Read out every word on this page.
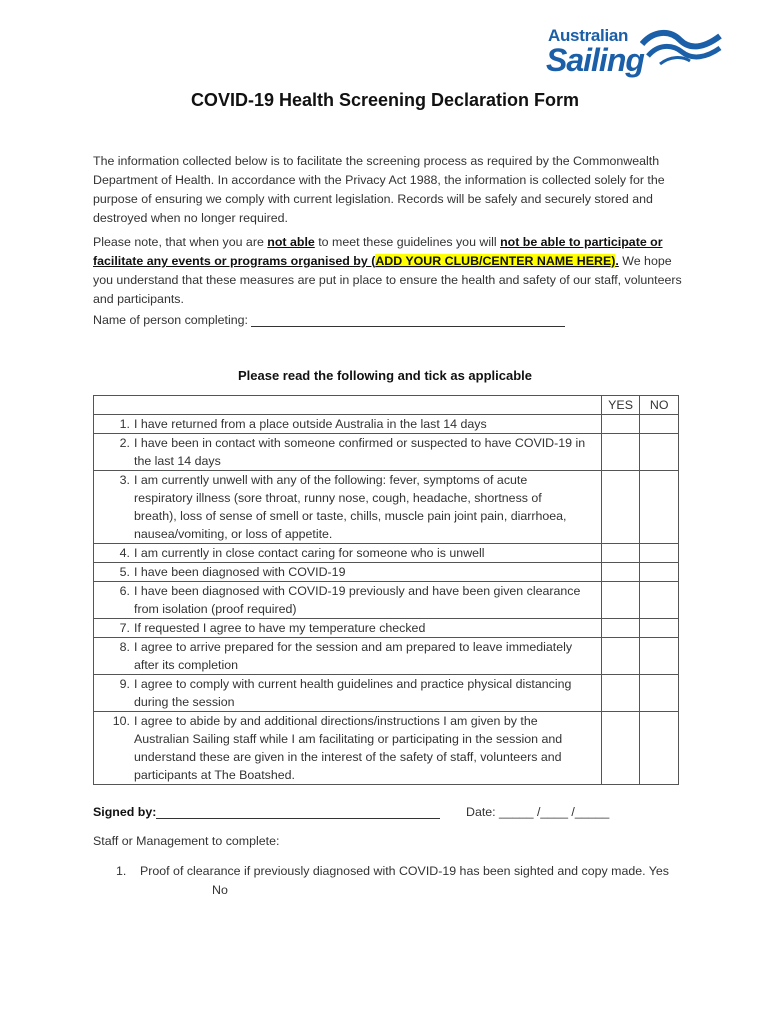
Australian
Sailing
COVID-19 Health Screening Declaration Form

The information collected below is to facilitate the screening process as required by the Commonwealth Department of Health. In accordance with the Privacy Act 1988, the information is collected solely for the purpose of ensuring we comply with current legislation. Records will be safely and securely stored and destroyed when no longer required.

Please note, that when you are not able to meet these guidelines you will not be able to participate or facilitate any events or programs organised by (ADD YOUR CLUB/CENTER NAME HERE). We hope you understand that these measures are put in place to ensure the health and safety of our staff, volunteers and participants.

Name of person completing:
Please read the following and tick as applicable
	YES	NO
1. I have returned from a place outside Australia in the last 14 days		
2. I have been in contact with someone confirmed or suspected to have COVID-19 in the last 14 days		
3. I am currently unwell with any of the following: fever, symptoms of acute respiratory illness (sore throat, runny nose, cough, headache, shortness of breath), loss of sense of smell or taste, chills, muscle pain joint pain, diarrhoea, nausea/vomiting, or loss of appetite.		
4. I am currently in close contact caring for someone who is unwell		
5. I have been diagnosed with COVID-19		
6. I have been diagnosed with COVID-19 previously and have been given clearance from isolation (proof required)		
7. If requested I agree to have my temperature checked		
8. I agree to arrive prepared for the session and am prepared to leave immediately after its completion		
9. I agree to comply with current health guidelines and practice physical distancing during the session		
10. I agree to abide by and additional directions/instructions I am given by the Australian Sailing staff while I am facilitating or participating in the session and understand these are given in the interest of the safety of staff, volunteers and participants at The Boatshed.		
Signed by:	Date: _____ /____ /_____
Staff or Management to complete:
1. Proof of clearance if previously diagnosed with COVID-19 has been sighted and copy made. YesNo
